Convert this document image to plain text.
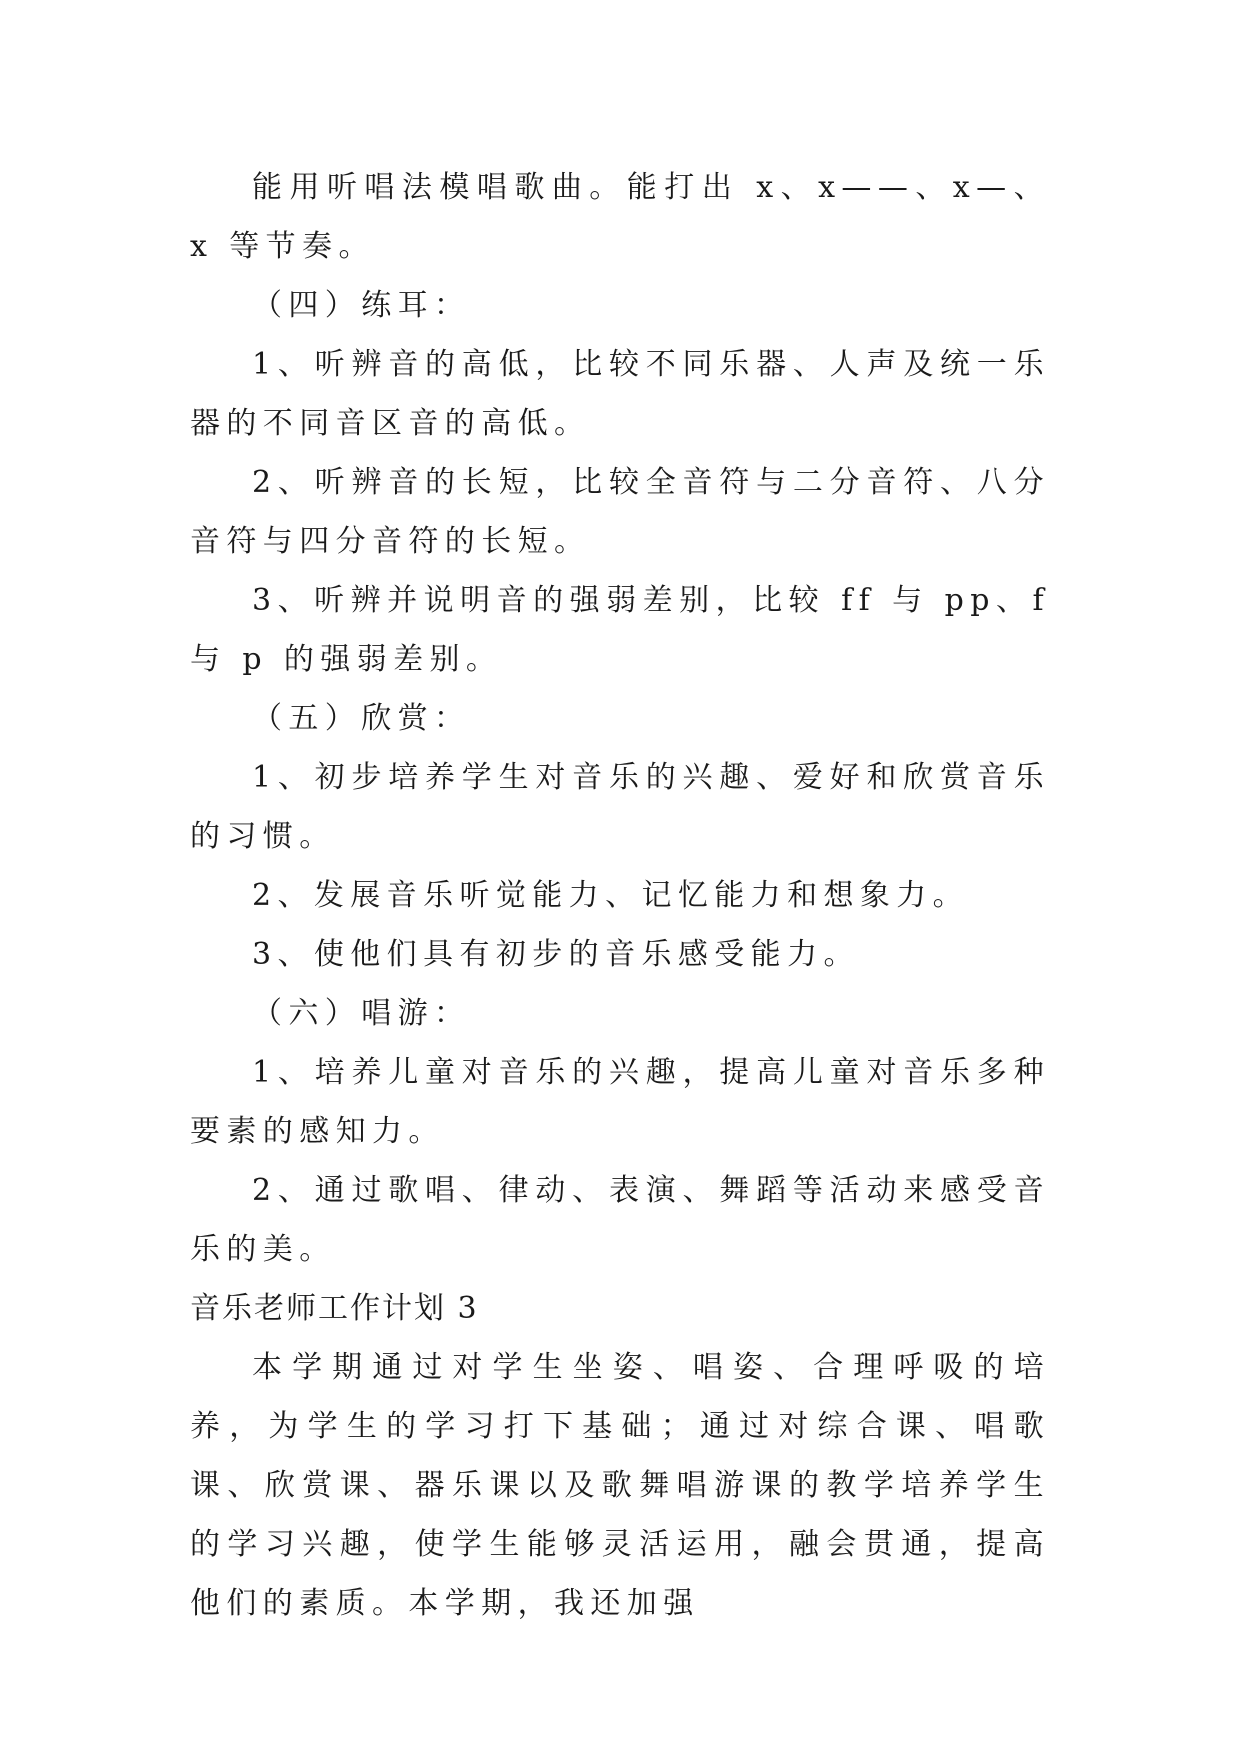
能用听唱法模唱歌曲。能打出 x、x——、x—、x 等节奏。

（四）练耳：

1、听辨音的高低，比较不同乐器、人声及统一乐器的不同音区音的高低。

2、听辨音的长短，比较全音符与二分音符、八分音符与四分音符的长短。

3、听辨并说明音的强弱差别，比较 ff 与 pp、f 与 p 的强弱差别。

（五）欣赏：

1、初步培养学生对音乐的兴趣、爱好和欣赏音乐的习惯。

2、发展音乐听觉能力、记忆能力和想象力。

3、使他们具有初步的音乐感受能力。

（六）唱游：

1、培养儿童对音乐的兴趣，提高儿童对音乐多种要素的感知力。

2、通过歌唱、律动、表演、舞蹈等活动来感受音乐的美。

音乐老师工作计划 3

本学期通过对学生坐姿、唱姿、合理呼吸的培养，为学生的学习打下基础；通过对综合课、唱歌课、欣赏课、器乐课以及歌舞唱游课的教学培养学生的学习兴趣，使学生能够灵活运用，融会贯通，提高他们的素质。本学期，我还加强
